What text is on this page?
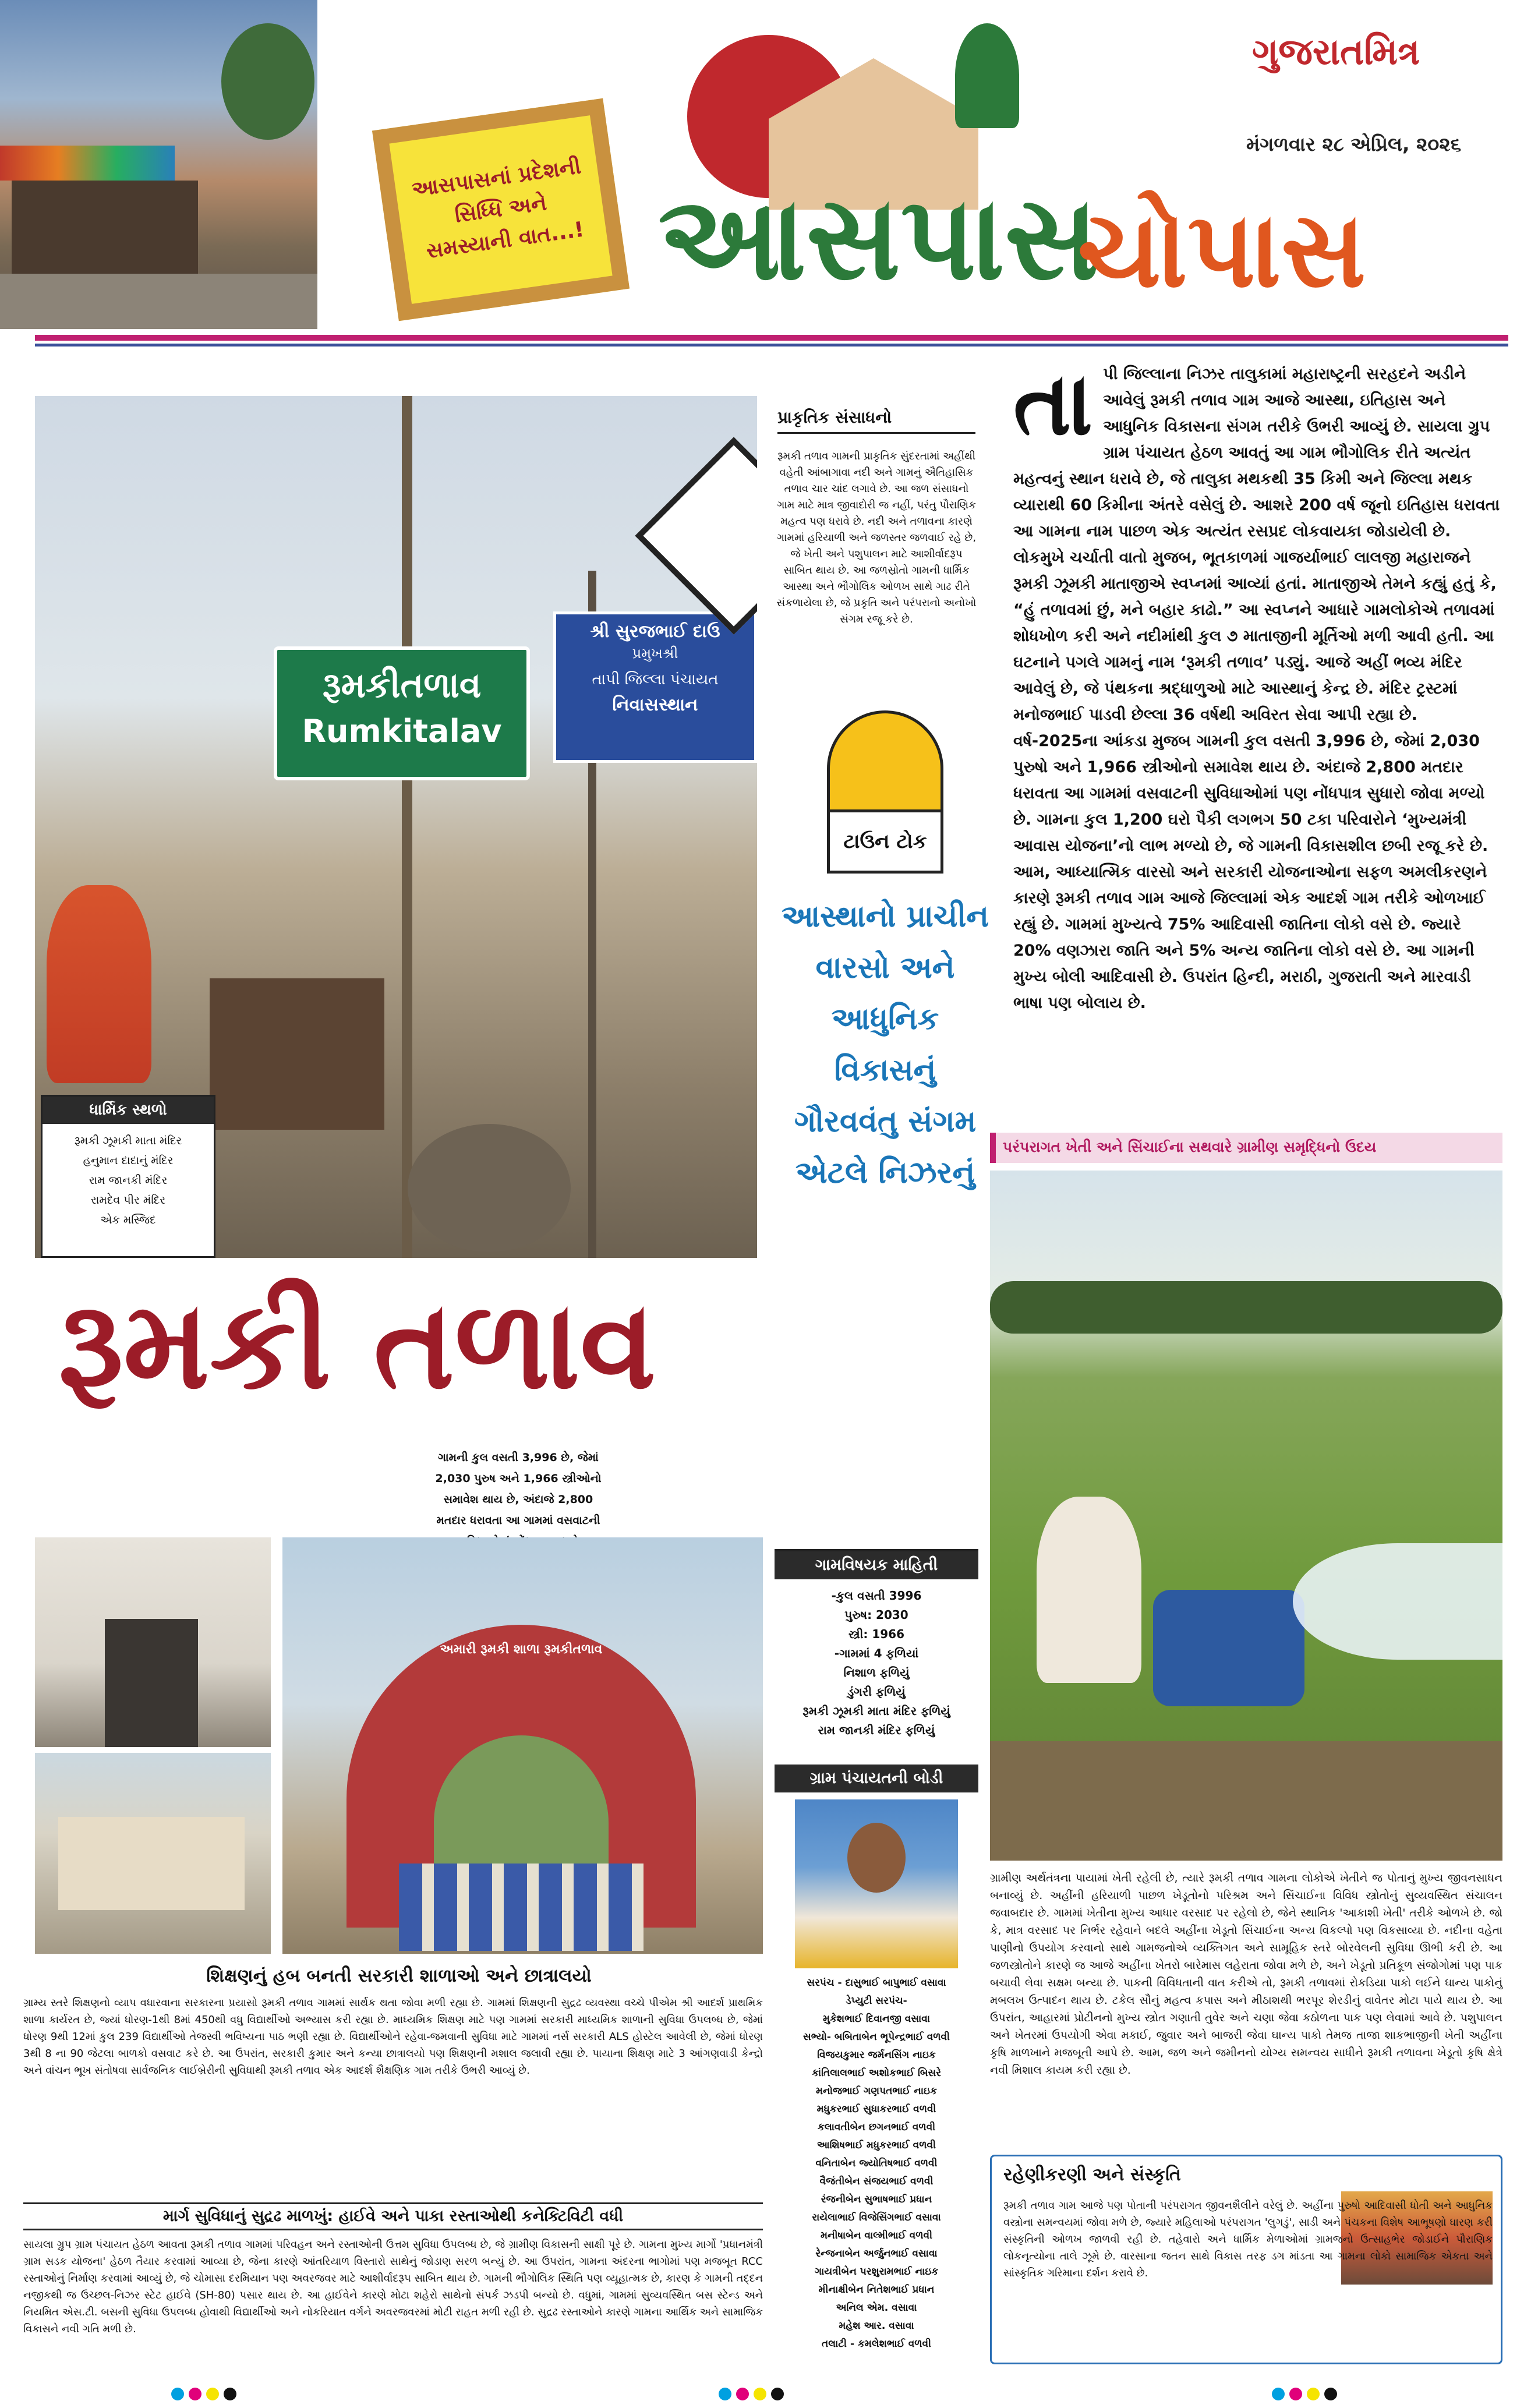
આસપાસનાં પ્રદેશની સિધ્ધિ અને સમસ્યાની વાત...!
ગુજરાતમિત્ર
મંગળવાર ૨૮ એપ્રિલ, ૨૦૨૬
આસપાસ
ચોપાસ
રૂમકીતળાવ
Rumkitalav
શ્રી સુરજભાઈ દાઉ
પ્રમુખશ્રી
તાપી જિલ્લા પંચાયત
નિવાસસ્થાન
પ્રાકૃતિક સંસાધનો
રૂમકી તળાવ ગામની પ્રાકૃતિક સુંદરતામાં અહીંથી વહેતી આંબાગાવા નદી અને ગામનું ઐતિહાસિક તળાવ ચાર ચાંદ લગાવે છે. આ જળ સંસાધનો ગામ માટે માત્ર જીવાદોરી જ નહીં, પરંતુ પૌરાણિક મહત્વ પણ ધરાવે છે. નદી અને તળાવના કારણે ગામમાં હરિયાળી અને જળસ્તર જળવાઈ રહે છે, જે ખેતી અને પશુપાલન માટે આશીર્વાદરૂપ સાબિત થાય છે. આ જળસ્રોતો ગામની ધાર્મિક આસ્થા અને ભૌગોલિક ઓળખ સાથે ગાઢ રીતે સંકળાયેલા છે, જે પ્રકૃતિ અને પરંપરાનો અનોખો સંગમ રજૂ કરે છે.
ટાઉન ટોક
આસ્થાનો પ્રાચીન વારસો અને આધુનિક વિકાસનું ગૌરવવંતુ સંગમ એટલે નિઝરનું
ધાર્મિક સ્થળો
રૂમકી ઝૂમકી માતા મંદિર
હનુમાન દાદાનું મંદિર
રામ જાનકી મંદિર
રામદેવ પીર મંદિર
એક મસ્જિદ
તા પી જિલ્લાના નિઝર તાલુકામાં મહારાષ્ટ્રની સરહદને અડીને આવેલું રૂમકી તળાવ ગામ આજે આસ્થા, ઇતિહાસ અને આધુનિક વિકાસના સંગમ તરીકે ઉભરી આવ્યું છે. સાયલા ગ્રુપ ગ્રામ પંચાયત હેઠળ આવતું આ ગામ ભૌગોલિક રીતે અત્યંત મહત્વનું સ્થાન ધરાવે છે, જે તાલુકા મથકથી 35 કિમી અને જિલ્લા મથક વ્યારાથી 60 કિમીના અંતરે વસેલું છે. આશરે 200 વર્ષ જૂનો ઇતિહાસ ધરાવતા આ ગામના નામ પાછળ એક અત્યંત રસપ્રદ લોકવાયકા જોડાયેલી છે. લોકમુખે ચર્ચાતી વાતો મુજબ, ભૂતકાળમાં ગાજર્યાભાઈ લાલજી મહારાજને રૂમકી ઝૂમકી માતાજીએ સ્વપ્નમાં આવ્યાં હતાં. માતાજીએ તેમને કહ્યું હતું કે, “હું તળાવમાં છું, મને બહાર કાઢો.” આ સ્વપ્નને આધારે ગામલોકોએ તળાવમાં શોધખોળ કરી અને નદીમાંથી કુલ ૭ માતાજીની મૂર્તિઓ મળી આવી હતી. આ ઘટનાને પગલે ગામનું નામ ‘રૂમકી તળાવ’ પડ્યું. આજે અહીં ભવ્ય મંદિર આવેલું છે, જે પંથકના શ્રદ્ધાળુઓ માટે આસ્થાનું કેન્દ્ર છે. મંદિર ટ્રસ્ટમાં મનોજભાઈ પાડવી છેલ્લા 36 વર્ષથી અવિરત સેવા આપી રહ્યા છે. વર્ષ-2025ના આંકડા મુજબ ગામની કુલ વસતી 3,996 છે, જેમાં 2,030 પુરુષો અને 1,966 સ્ત્રીઓનો સમાવેશ થાય છે. અંદાજે 2,800 મતદાર ધરાવતા આ ગામમાં વસવાટની સુવિધાઓમાં પણ નોંધપાત્ર સુધારો જોવા મળ્યો છે. ગામના કુલ 1,200 ઘરો પૈકી લગભગ 50 ટકા પરિવારોને ‘મુખ્યમંત્રી આવાસ યોજના’નો લાભ મળ્યો છે, જે ગામની વિકાસશીલ છબી રજૂ કરે છે. આમ, આધ્યાત્મિક વારસો અને સરકારી યોજનાઓના સફળ અમલીકરણને કારણે રૂમકી તળાવ ગામ આજે જિલ્લામાં એક આદર્શ ગામ તરીકે ઓળખાઈ રહ્યું છે. ગામમાં મુખ્યત્વે 75% આદિવાસી જાતિના લોકો વસે છે. જ્યારે 20% વણઝારા જાતિ અને 5% અન્ય જાતિના લોકો વસે છે. આ ગામની મુખ્ય બોલી આદિવાસી છે. ઉપરાંત હિન્દી, મરાઠી, ગુજરાતી અને મારવાડી ભાષા પણ બોલાય છે.
પરંપરાગત ખેતી અને સિંચાઈના સથવારે ગ્રામીણ સમૃદ્ધિનો ઉદય
ગ્રામીણ અર્થતંત્રના પાયામાં ખેતી રહેલી છે, ત્યારે રૂમકી તળાવ ગામના લોકોએ ખેતીને જ પોતાનું મુખ્ય જીવનસાધન બનાવ્યું છે. અહીંની હરિયાળી પાછળ ખેડૂતોનો પરિશ્રમ અને સિંચાઈના વિવિધ સ્ત્રોતોનું સુવ્યવસ્થિત સંચાલન જવાબદાર છે. ગામમાં ખેતીના મુખ્ય આધાર વરસાદ પર રહેલો છે, જેને સ્થાનિક 'આકાશી ખેતી' તરીકે ઓળખે છે. જો કે, માત્ર વરસાદ પર નિર્ભર રહેવાને બદલે અહીંના ખેડૂતો સિંચાઈના અન્ય વિકલ્પો પણ વિકસાવ્યા છે. નદીના વહેતા પાણીનો ઉપયોગ કરવાનો સાથે ગામજનોએ વ્યક્તિગત અને સામૂહિક સ્તરે બોરવેલની સુવિધા ઊભી કરી છે. આ જળસ્ત્રોતોને કારણે જ આજે અહીંના ખેતરો બારેમાસ લહેરાતા જોવા મળે છે, અને ખેડૂતો પ્રતિકૂળ સંજોગોમાં પણ પાક બચાવી લેવા સક્ષમ બન્યા છે. પાકની વિવિધતાની વાત કરીએ તો, રૂમકી તળાવમાં રોકડિયા પાકો લઈને ઘાન્ય પાકોનું મબલખ ઉત્પાદન થાય છે. ટકેલ સૌનું મહત્વ કપાસ અને મીઠાશથી ભરપૂર શેરડીનું વાવેતર મોટા પાયે થાય છે. આ ઉપરાંત, આહારમાં પ્રોટીનનો મુખ્ય સ્ત્રોત ગણાતી તુવેર અને ચણા જેવા કઠોળના પાક પણ લેવામાં આવે છે. પશુપાલન અને ખેતરમાં ઉપયોગી એવા મકાઈ, જુવાર અને બાજરી જેવા ઘાન્ય પાકો તેમજ તાજા શાકભાજીની ખેતી અહીંના કૃષિ માળખાને મજબૂતી આપે છે. આમ, જળ અને જમીનનો યોગ્ય સમન્વય સાધીને રૂમકી તળાવના ખેડૂતો કૃષિ ક્ષેત્રે નવી મિશાલ કાયમ કરી રહ્યા છે.
રૂમકી તળાવ
ગામની કુલ વસતી 3,996 છે, જેમાં 2,030 પુરુષ અને 1,966 સ્ત્રીઓનો સમાવેશ થાય છે, અંદાજે 2,800 મતદાર ધરાવતા આ ગામમાં વસવાટની
અમારી રૂમકી શાળા રૂમકીતળાવ
ગામવિષયક માહિતી
-કુલ વસતી 3996
પુરુષ: 2030
સ્ત્રી: 1966
-ગામમાં 4 ફળિયાં
નિશાળ ફળિયું
ડુંગરી ફળિયું
રૂમકી ઝૂમકી માતા મંદિર ફળિયું
રામ જાનકી મંદિર ફળિયું
ગ્રામ પંચાયતની બોડી
સરપંચ - દાસુભાઈ બાપુભાઈ વસાવા
ડેપ્યુટી સરપંચ-
મુકેશભાઈ દિવાનજી વસાવા
સભ્યો- બબિતાબેન ભૂપેન્દ્રભાઈ વળવી
વિજયકુમાર જર્મનસિંગ નાઇક
કાંતિલાલભાઈ અશોકભાઈ બિસરે
મનોજભાઈ ગણપતભાઈ નાઇક
મધુકરભાઈ સુધાકરભાઈ વળવી
કલાવતીબેન છગનભાઈ વળવી
આશિષભાઈ મધુકરભાઈ વળવી
વનિતાબેન જ્યોતિષભાઈ વળવી
વૈજંતીબેન સંજયભાઈ વળવી
રંજનીબેન સુભાષભાઈ પ્રધાન
રાયેલાભાઈ વિજેસિંગભાઈ વસાવા
મનીષાબેન વાલ્મીભાઈ વળવી
રેન્જનાબેન અર્જુનભાઈ વસાવા
ગાયત્રીબેન પરશુરામભાઈ નાઇક
મીનાક્ષીબેન નિતેશભાઈ પ્રધાન
અનિલ એમ. વસાવા
મહેશ આર. વસાવા
તલાટી - કમલેશભાઈ વળવી
શિક્ષણનું હબ બનતી સરકારી શાળાઓ અને છાત્રાલયો
ગ્રામ્ય સ્તરે શિક્ષણનો વ્યાપ વધારવાના સરકારના પ્રયાસો રૂમકી તળાવ ગામમાં સાર્થક થતા જોવા મળી રહ્યા છે. ગામમાં શિક્ષણની સુદ્રઢ વ્યવસ્થા વચ્ચે પીએમ શ્રી આદર્શ પ્રાથમિક શાળા કાર્યરત છે, જ્યાં ધોરણ-1થી 8માં 450થી વધુ વિદ્યાર્થીઓ અભ્યાસ કરી રહ્યા છે. માધ્યમિક શિક્ષણ માટે પણ ગામમાં સરકારી માધ્યમિક શાળાની સુવિધા ઉપલબ્ધ છે, જેમાં ધોરણ 9થી 12માં કુલ 239 વિદ્યાર્થીઓ તેજસ્વી ભવિષ્યના પાઠ ભણી રહ્યા છે. વિદ્યાર્થીઓને રહેવા-જમવાની સુવિધા માટે ગામમાં નર્સ સરકારી ALS હોસ્ટેલ આવેલી છે, જેમાં ધોરણ 3થી 8 ના 90 જેટલા બાળકો વસવાટ કરે છે. આ ઉપરાંત, સરકારી કુમાર અને કન્યા છાત્રાલયો પણ શિક્ષણની મશાલ જલાવી રહ્યા છે. પાયાના શિક્ષણ માટે 3 આંગણવાડી કેન્દ્રો અને વાંચન ભૂખ સંતોષવા સાર્વજનિક લાઈબ્રેરીની સુવિધાથી રૂમકી તળાવ એક આદર્શ શૈક્ષણિક ગામ તરીકે ઉભરી આવ્યું છે.
માર્ગ સુવિધાનું સુદ્રઢ માળખું: હાઈવે અને પાકા રસ્તાઓથી કનેક્ટિવિટી વધી
સાયલા ગ્રુપ ગ્રામ પંચાયત હેઠળ આવતા રૂમકી તળાવ ગામમાં પરિવહન અને રસ્તાઓની ઉત્તમ સુવિધા ઉપલબ્ધ છે, જે ગ્રામીણ વિકાસની સાક્ષી પૂરે છે. ગામના મુખ્ય માર્ગો 'પ્રધાનમંત્રી ગ્રામ સડક યોજના' હેઠળ તૈયાર કરવામાં આવ્યા છે, જેના કારણે આંતરિયાળ વિસ્તારો સાથેનું જોડાણ સરળ બન્યું છે. આ ઉપરાંત, ગામના અંદરના ભાગોમાં પણ મજબૂત RCC રસ્તાઓનું નિર્માણ કરવામાં આવ્યું છે, જે ચોમાસા દરમિયાન પણ અવરજવર માટે આશીર્વાદરૂપ સાબિત થાય છે. ગામની ભૌગોલિક સ્થિતિ પણ વ્યૂહાત્મક છે, કારણ કે ગામની તદ્દન નજીકથી જ ઉચ્છલ-નિઝર સ્ટેટ હાઈવે (SH-80) પસાર થાય છે. આ હાઈવેને કારણે મોટા શહેરો સાથેનો સંપર્ક ઝડપી બન્યો છે. વધુમાં, ગામમાં સુવ્યવસ્થિત બસ સ્ટેન્ડ અને નિયમિત એસ.ટી. બસની સુવિધા ઉપલબ્ધ હોવાથી વિદ્યાર્થીઓ અને નોકરિયાત વર્ગને અવરજવરમાં મોટી રાહત મળી રહી છે. સુદ્રઢ રસ્તાઓને કારણે ગામના આર્થિક અને સામાજિક વિકાસને નવી ગતિ મળી છે.
રહેણીકરણી અને સંસ્કૃતિ
રૂમકી તળાવ ગામ આજે પણ પોતાની પરંપરાગત જીવનશૈલીને વરેલું છે. અહીંના પુરુષો આદિવાસી ધોતી અને આધુનિક વસ્ત્રોના સમન્વયમાં જોવા મળે છે, જ્યારે મહિલાઓ પરંપરાગત 'લુગડું', સાડી અને પંચકના વિશેષ આભૂષણો ધારણ કરી સંસ્કૃતિની ઓળખ જાળવી રહી છે. તહેવારો અને ધાર્મિક મેળાઓમાં ગ્રામજનો ઉત્સાહભેર જોડાઈને પૌરાણિક લોકનૃત્યોના તાલે ઝૂમે છે. વારસાના જતન સાથે વિકાસ તરફ ડગ માંડતા આ ગામના લોકો સામાજિક એકતા અને સાંસ્કૃતિક ગરિમાના દર્શન કરાવે છે.
